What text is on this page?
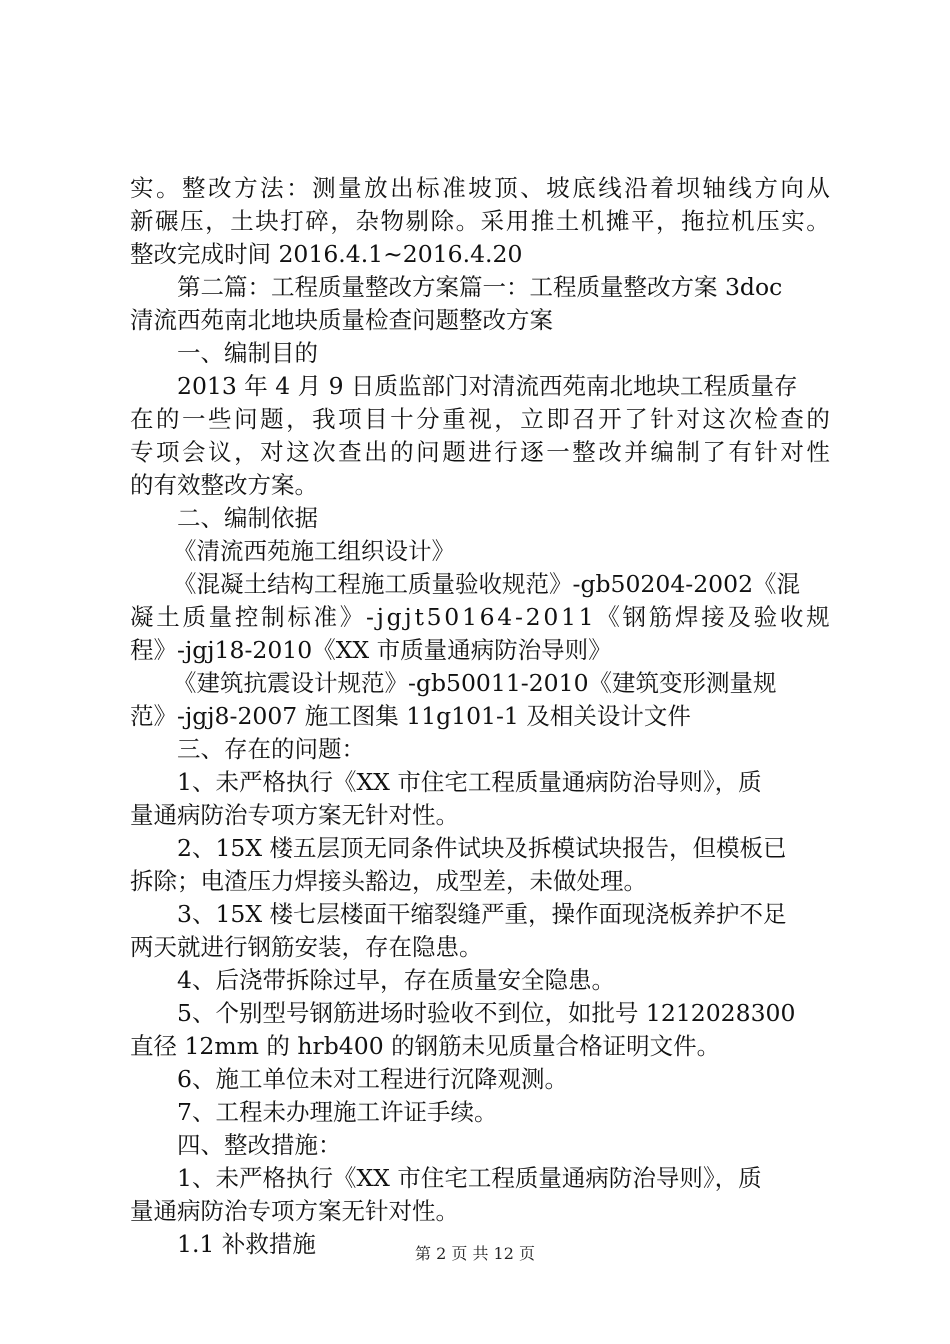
实 。 整 改 方 法 ： 测 量 放 出 标 准 坡 顶 、 坡 底 线 沿 着 坝 轴 线 方 向 从
新 碾 压 ， 土 块 打 碎 ， 杂 物 剔 除 。 采 用 推 土 机 摊 平 ， 拖 拉 机 压 实 。
整改完成时间 2016.4.1~2016.4.20
第二篇：工程质量整改方案篇一：工程质量整改方案 3doc
清流西苑南北地块质量检查问题整改方案
一、编制目的
2013 年 4 月 9 日质监部门对清流西苑南北地块工程质量存
在 的 一 些 问 题 ， 我 项 目 十 分 重 视 ， 立 即 召 开 了 针 对 这 次 检 查 的
专 项 会 议 ， 对 这 次 查 出 的 问 题 进 行 逐 一 整 改 并 编 制 了 有 针 对 性
的有效整改方案。
二、编制依据
《清流西苑施工组织设计》
《混凝土结构工程施工质量验收规范》-gb50204-2002《混
凝 土 质 量 控 制 标 准 》 - j g j t 5 0 1 6 4 - 2 0 1 1 《 钢 筋 焊 接 及 验 收 规
程》-jgj18-2010《XX 市质量通病防治导则》
《建筑抗震设计规范》-gb50011-2010《建筑变形测量规
范》-jgj8-2007 施工图集 11g101-1 及相关设计文件
三、存在的问题：
1、未严格执行《XX 市住宅工程质量通病防治导则》，质
量通病防治专项方案无针对性。
2、15X 楼五层顶无同条件试块及拆模试块报告，但模板已
拆除；电渣压力焊接头豁边，成型差，未做处理。
3、15X 楼七层楼面干缩裂缝严重，操作面现浇板养护不足
两天就进行钢筋安装，存在隐患。
4、后浇带拆除过早，存在质量安全隐患。
5、个别型号钢筋进场时验收不到位，如批号 1212028300
直径 12mm 的 hrb400 的钢筋未见质量合格证明文件。
6、施工单位未对工程进行沉降观测。
7、工程未办理施工许证手续。
四、整改措施：
1、未严格执行《XX 市住宅工程质量通病防治导则》，质
量通病防治专项方案无针对性。
1.1 补救措施	第 2 页 共 12 页
